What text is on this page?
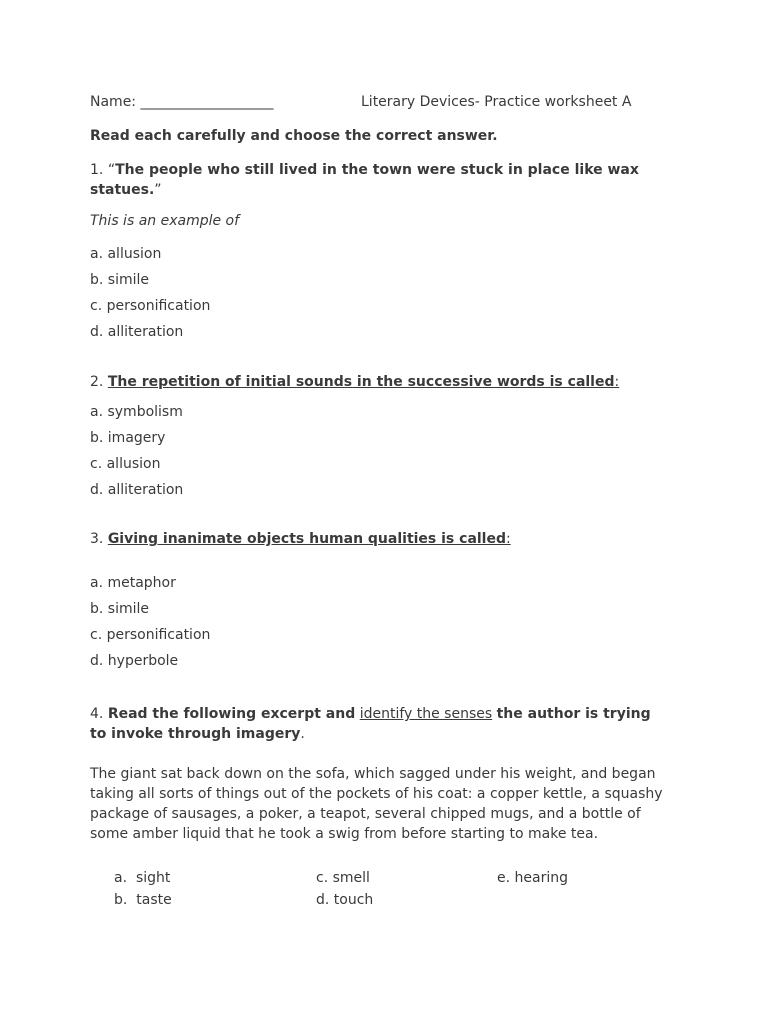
Name: ___________________	Literary Devices- Practice worksheet A
Read each carefully and choose the correct answer.
1. “The people who still lived in the town were stuck in place like wax statues.”
This is an example of
a. allusion
b. simile
c. personification
d. alliteration
2. The repetition of initial sounds in the successive words is called:
a. symbolism
b. imagery
c. allusion
d. alliteration
3. Giving inanimate objects human qualities is called:
a. metaphor
b. simile
c. personification
d. hyperbole
4. Read the following excerpt and identify the senses the author is trying to invoke through imagery.
The giant sat back down on the sofa, which sagged under his weight, and began taking all sorts of things out of the pockets of his coat: a copper kettle, a squashy package of sausages, a poker, a teapot, several chipped mugs, and a bottle of some amber liquid that he took a swig from before starting to make tea.
a. sight
b. taste
c. smell
d. touch
e. hearing
